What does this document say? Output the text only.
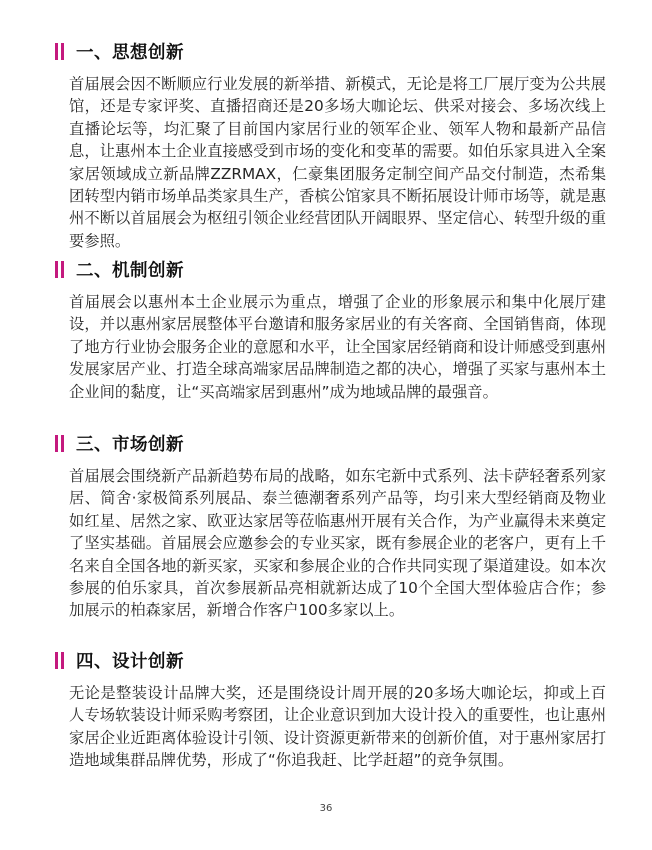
一、思想创新
首届展会因不断顺应行业发展的新举措、新模式，无论是将工厂展厅变为公共展馆，还是专家评奖、直播招商还是20多场大咖论坛、供采对接会、多场次线上直播论坛等，均汇聚了目前国内家居行业的领军企业、领军人物和最新产品信息，让惠州本土企业直接感受到市场的变化和变革的需要。如伯乐家具进入全案家居领域成立新品牌ZZRMAX，仁豪集团服务定制空间产品交付制造，杰希集团转型内销市场单品类家具生产，香槟公馆家具不断拓展设计师市场等，就是惠州不断以首届展会为枢纽引领企业经营团队开阔眼界、坚定信心、转型升级的重要参照。
二、机制创新
首届展会以惠州本土企业展示为重点，增强了企业的形象展示和集中化展厅建设，并以惠州家居展整体平台邀请和服务家居业的有关客商、全国销售商，体现了地方行业协会服务企业的意愿和水平，让全国家居经销商和设计师感受到惠州发展家居产业、打造全球高端家居品牌制造之都的决心，增强了买家与惠州本土企业间的黏度，让“买高端家居到惠州”成为地域品牌的最强音。
三、市场创新
首届展会围绕新产品新趋势布局的战略，如东宅新中式系列、法卡萨轻奢系列家居、简舍·家极简系列展品、泰兰德潮奢系列产品等，均引来大型经销商及物业如红星、居然之家、欧亚达家居等莅临惠州开展有关合作，为产业赢得未来奠定了坚实基础。首届展会应邀参会的专业买家，既有参展企业的老客户，更有上千名来自全国各地的新买家，买家和参展企业的合作共同实现了渠道建设。如本次参展的伯乐家具，首次参展新品亮相就新达成了10个全国大型体验店合作；参加展示的柏森家居，新增合作客户100多家以上。
四、设计创新
无论是整装设计品牌大奖，还是围绕设计周开展的20多场大咖论坛，抑或上百人专场软装设计师采购考察团，让企业意识到加大设计投入的重要性，也让惠州家居企业近距离体验设计引领、设计资源更新带来的创新价值，对于惠州家居打造地域集群品牌优势，形成了“你追我赶、比学赶超”的竞争氛围。
36
